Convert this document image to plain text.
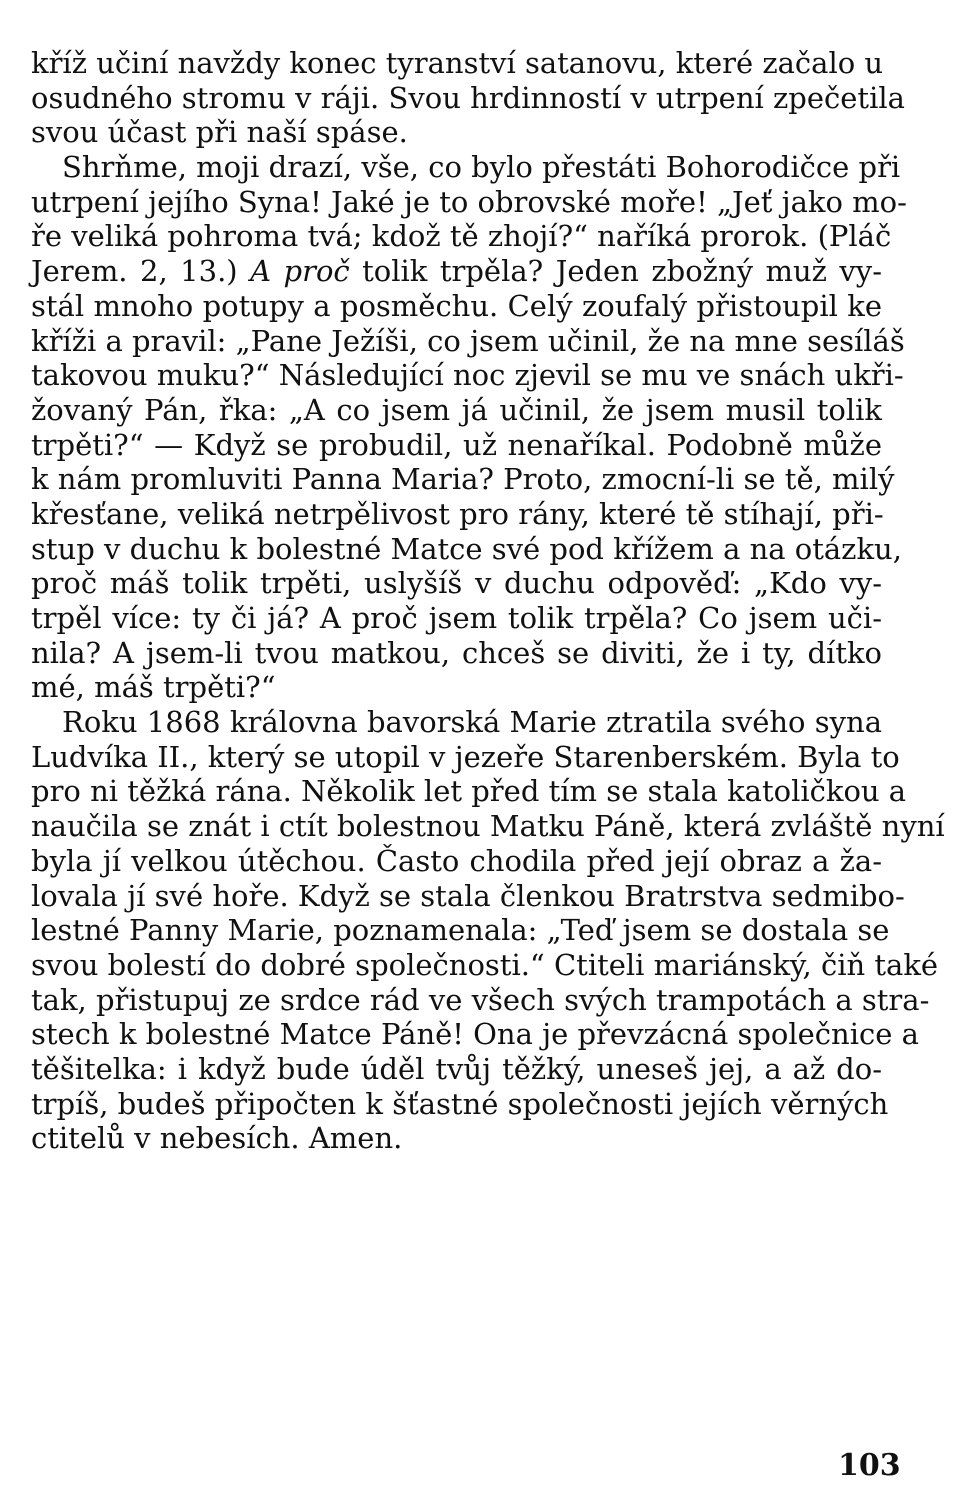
kříž učiní navždy konec tyranství satanovu, které začalo u
osudného stromu v ráji. Svou hrdinností v utrpení zpečetila
svou účast při naší spáse.
Shrňme, moji drazí, vše, co bylo přestáti Bohorodičce při
utrpení jejího Syna! Jaké je to obrovské moře! „Jeť jako mo-
ře veliká pohroma tvá; kdož tě zhojí?“ naříká prorok. (Pláč
Jerem. 2, 13.) A proč tolik trpěla? Jeden zbožný muž vy-
stál mnoho potupy a posměchu. Celý zoufalý přistoupil ke
kříži a pravil: „Pane Ježíši, co jsem učinil, že na mne sesíláš
takovou muku?“ Následující noc zjevil se mu ve snách ukři-
žovaný Pán, řka: „A co jsem já učinil, že jsem musil tolik
trpěti?“ — Když se probudil, už nenaříkal. Podobně může
k nám promluviti Panna Maria? Proto, zmocní-li se tě, milý
křesťane, veliká netrpělivost pro rány, které tě stíhají, při-
stup v duchu k bolestné Matce své pod křížem a na otázku,
proč máš tolik trpěti, uslyšíš v duchu odpověď: „Kdo vy-
trpěl více: ty či já? A proč jsem tolik trpěla? Co jsem uči-
nila? A jsem-li tvou matkou, chceš se diviti, že i ty, dítko
mé, máš trpěti?“
Roku 1868 královna bavorská Marie ztratila svého syna
Ludvíka II., který se utopil v jezeře Starenberském. Byla to
pro ni těžká rána. Několik let před tím se stala katoličkou a
naučila se znát i ctít bolestnou Matku Páně, která zvláště nyní
byla jí velkou útěchou. Často chodila před její obraz a ža-
lovala jí své hoře. Když se stala členkou Bratrstva sedmibo-
lestné Panny Marie, poznamenala: „Teď jsem se dostala se
svou bolestí do dobré společnosti.“ Ctiteli mariánský, čiň také
tak, přistupuj ze srdce rád ve všech svých trampotách a stra-
stech k bolestné Matce Páně! Ona je převzácná společnice a
těšitelka: i když bude úděl tvůj těžký, uneseš jej, a až do-
trpíš, budeš připočten k šťastné společnosti jejích věrných
ctitelů v nebesích. Amen.
103
